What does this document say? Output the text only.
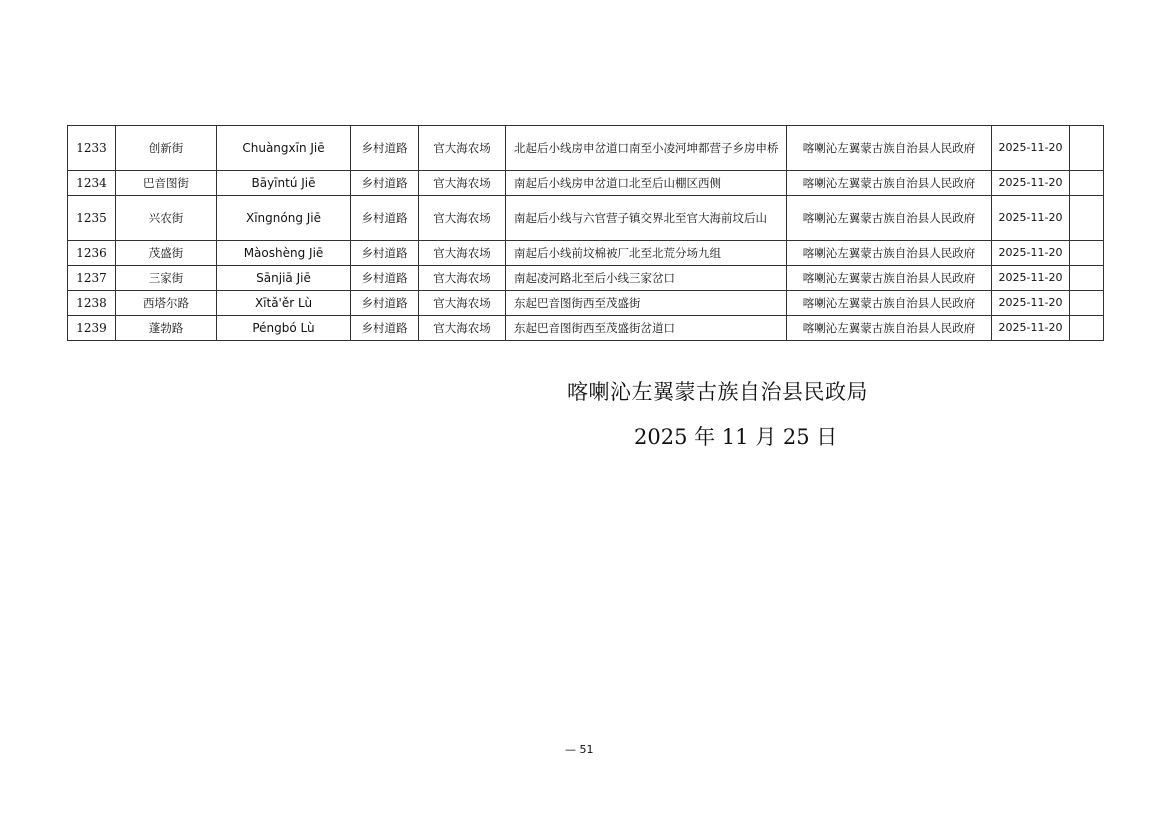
1233	创新街	Chuàngxīn Jiē	乡村道路	官大海农场	北起后小线房申岔道口南至小凌河坤都营子乡房申桥	喀喇沁左翼蒙古族自治县人民政府	2025-11-20	
1234	巴音图街	Bāyīntú Jiē	乡村道路	官大海农场	南起后小线房申岔道口北至后山棚区西侧	喀喇沁左翼蒙古族自治县人民政府	2025-11-20	
1235	兴农街	Xīngnóng Jiē	乡村道路	官大海农场	南起后小线与六官营子镇交界北至官大海前坟后山	喀喇沁左翼蒙古族自治县人民政府	2025-11-20	
1236	茂盛街	Màoshèng Jiē	乡村道路	官大海农场	南起后小线前坟棉被厂北至北荒分场九组	喀喇沁左翼蒙古族自治县人民政府	2025-11-20	
1237	三家街	Sānjiā Jiē	乡村道路	官大海农场	南起凌河路北至后小线三家岔口	喀喇沁左翼蒙古族自治县人民政府	2025-11-20	
1238	西塔尔路	Xītǎ'ěr Lù	乡村道路	官大海农场	东起巴音图街西至茂盛街	喀喇沁左翼蒙古族自治县人民政府	2025-11-20	
1239	蓬勃路	Péngbó Lù	乡村道路	官大海农场	东起巴音图街西至茂盛街岔道口	喀喇沁左翼蒙古族自治县人民政府	2025-11-20	
喀喇沁左翼蒙古族自治县民政局
2025 年 11 月 25 日
— 51
